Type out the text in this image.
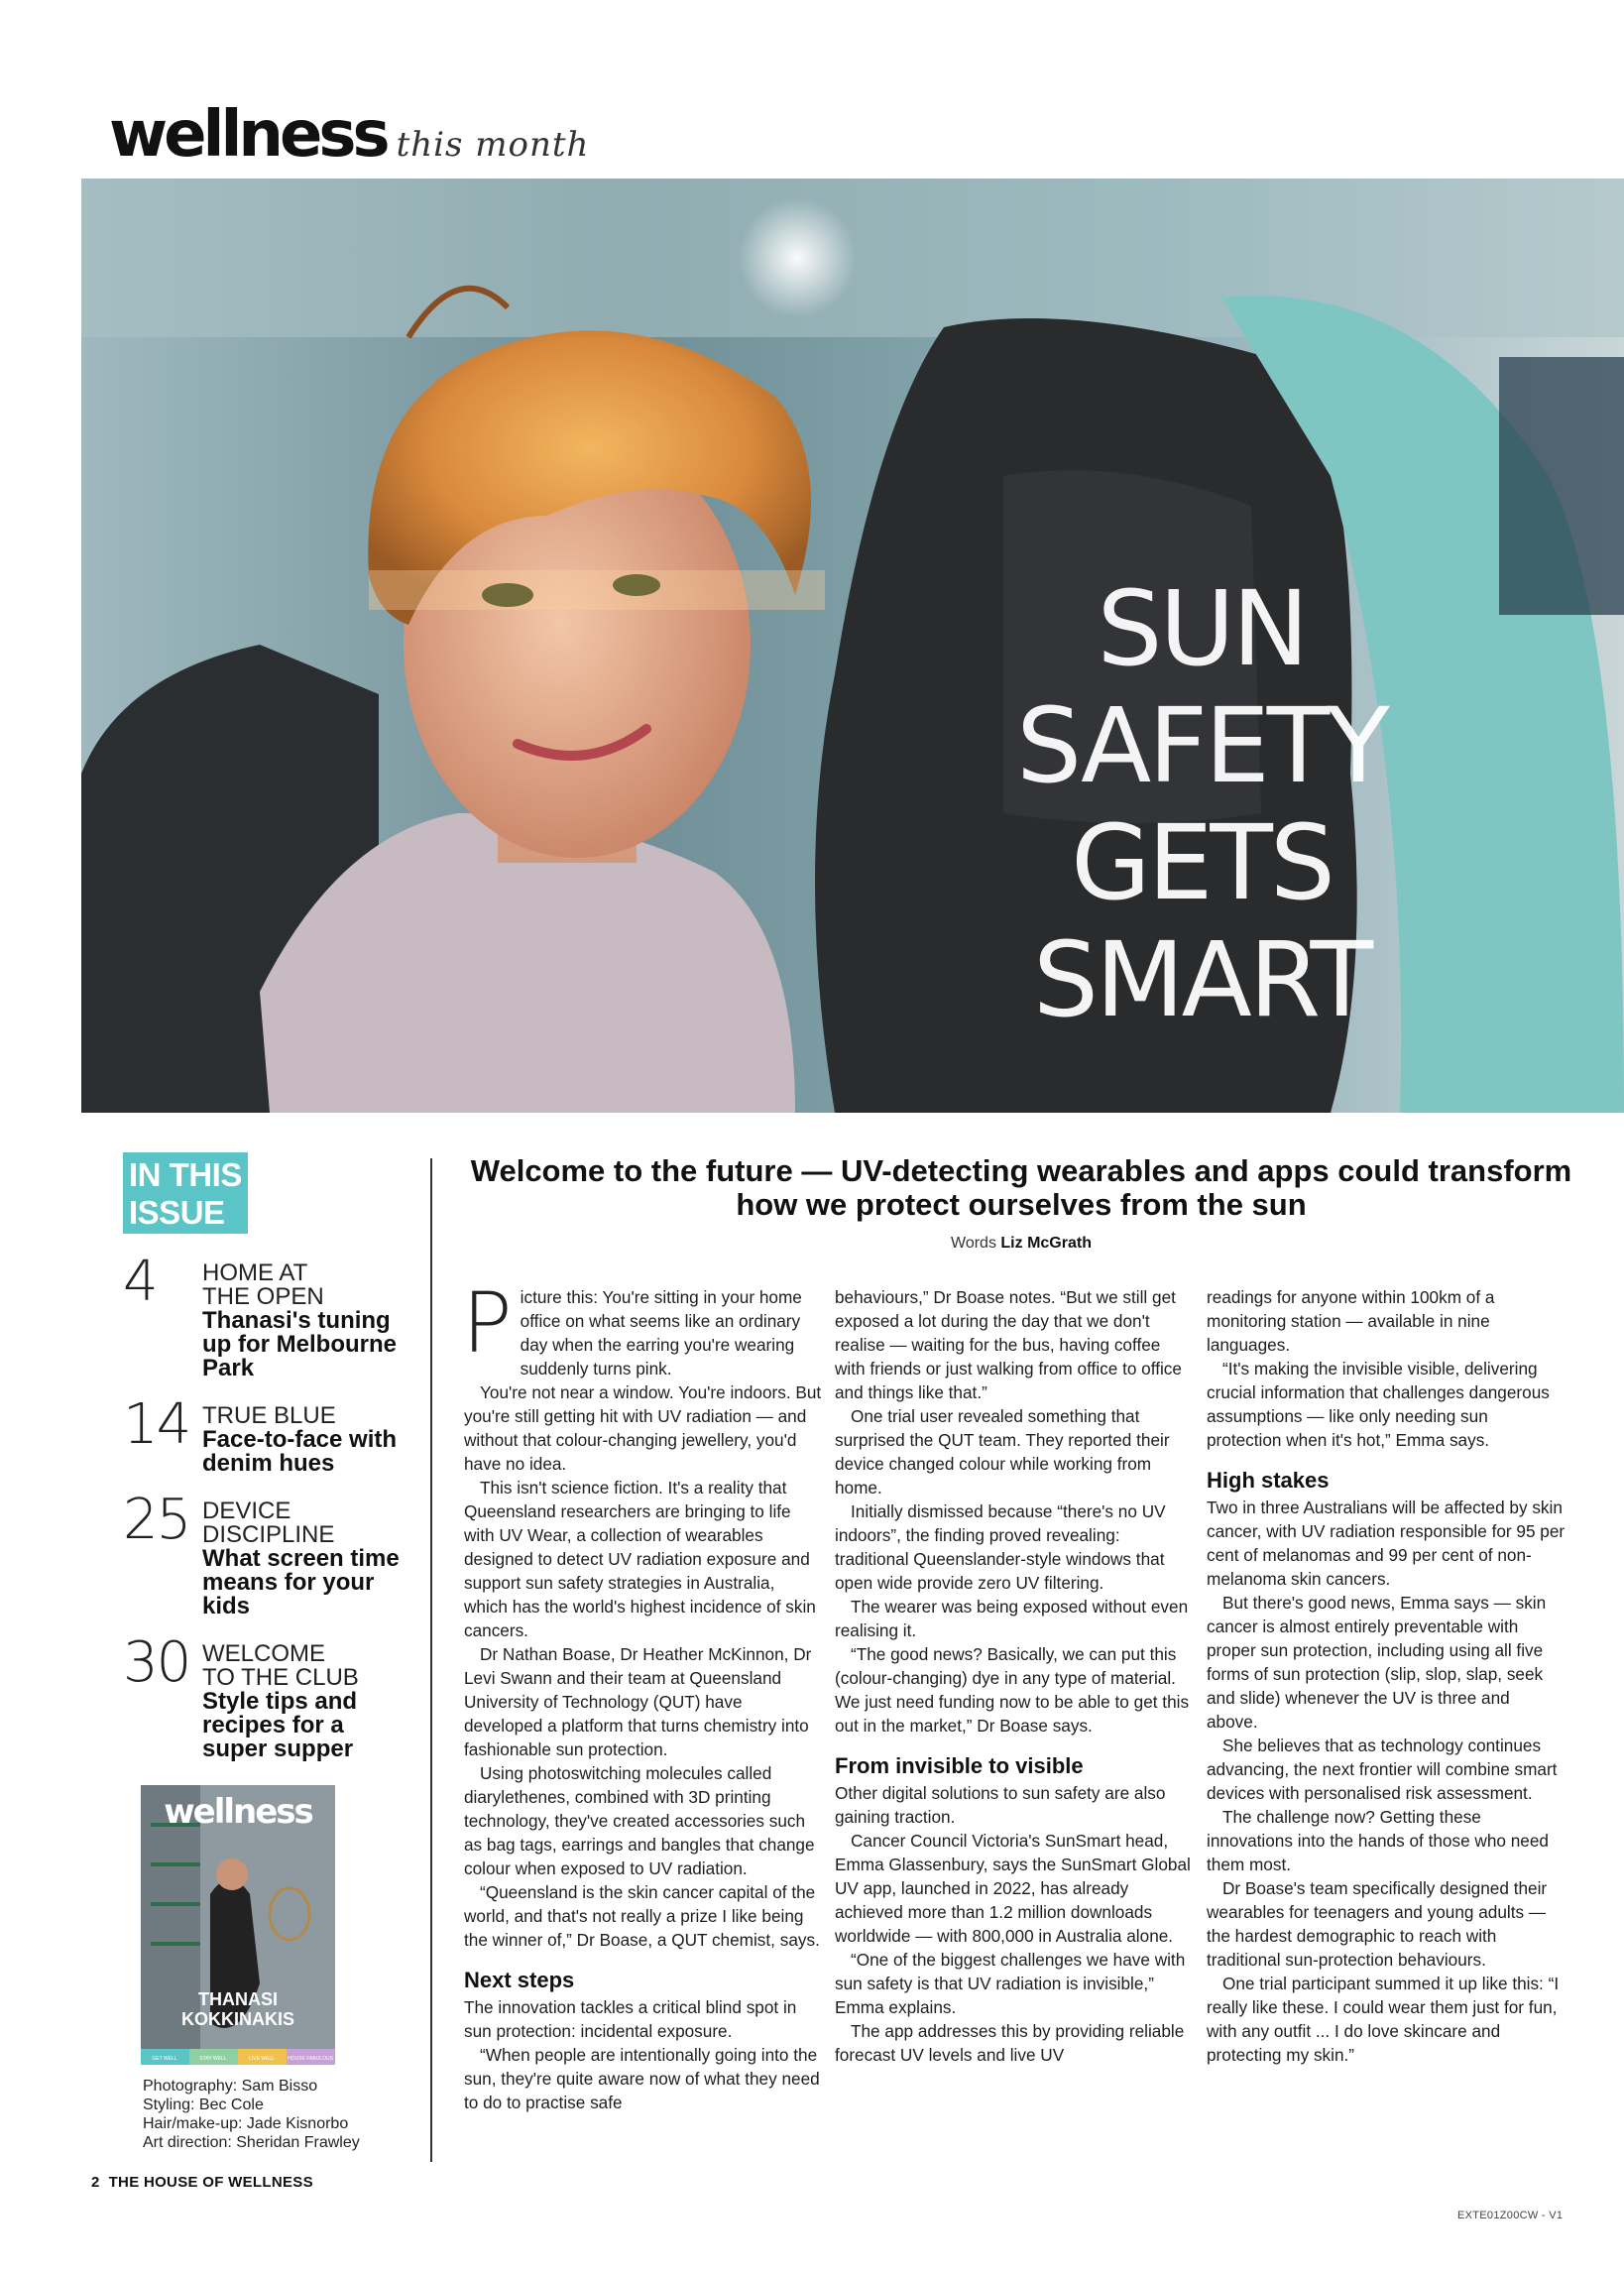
wellness this month
SUN
SAFETY
GETS
SMART
IN THIS
ISSUE
4	HOME AT
THE OPEN
Thanasi's tuning up for Melbourne Park
14 TRUE BLUE
Face-to-face with denim hues
25 DEVICE
DISCIPLINE
What screen time means for your kids
30 WELCOME
TO THE CLUB
Style tips and recipes for a super supper
wellness
THANASI
KOKKINAKIS
GET WELL	STAY WELL	LIVE WELL	HOUSE FABULOUS
Photography: Sam Bisso
Styling: Bec Cole
Hair/make-up: Jade Kisnorbo
Art direction: Sheridan Frawley
Welcome to the future — UV-detecting wearables and apps could transform how we protect ourselves from the sun
Words Liz McGrath

Picture this: You're sitting in your home office on what seems like an ordinary day when the earring you're wearing suddenly turns pink.

You're not near a window. You're indoors. But you're still getting hit with UV radiation — and without that colour-changing jewellery, you'd have no idea.

This isn't science fiction. It's a reality that Queensland researchers are bringing to life with UV Wear, a collection of wearables designed to detect UV radiation exposure and support sun safety strategies in Australia, which has the world's highest incidence of skin cancers.

Dr Nathan Boase, Dr Heather McKinnon, Dr Levi Swann and their team at Queensland University of Technology (QUT) have developed a platform that turns chemistry into fashionable sun protection.

Using photoswitching molecules called diarylethenes, combined with 3D printing technology, they've created accessories such as bag tags, earrings and bangles that change colour when exposed to UV radiation.

“Queensland is the skin cancer capital of the world, and that's not really a prize I like being the winner of,” Dr Boase, a QUT chemist, says.

Next steps

The innovation tackles a critical blind spot in sun protection: incidental exposure.

“When people are intentionally going into the sun, they're quite aware now of what they need to do to practise safe

behaviours,” Dr Boase notes. “But we still get exposed a lot during the day that we don't realise — waiting for the bus, having coffee with friends or just walking from office to office and things like that.”

One trial user revealed something that surprised the QUT team. They reported their device changed colour while working from home.

Initially dismissed because “there's no UV indoors”, the finding proved revealing: traditional Queenslander-style windows that open wide provide zero UV filtering.

The wearer was being exposed without even realising it.

“The good news? Basically, we can put this (colour-changing) dye in any type of material. We just need funding now to be able to get this out in the market,” Dr Boase says.

From invisible to visible

Other digital solutions to sun safety are also gaining traction.

Cancer Council Victoria's SunSmart head, Emma Glassenbury, says the SunSmart Global UV app, launched in 2022, has already achieved more than 1.2 million downloads worldwide — with 800,000 in Australia alone.

“One of the biggest challenges we have with sun safety is that UV radiation is invisible,” Emma explains.

The app addresses this by providing reliable forecast UV levels and live UV

readings for anyone within 100km of a monitoring station — available in nine languages.

“It's making the invisible visible, delivering crucial information that challenges dangerous assumptions — like only needing sun protection when it's hot,” Emma says.

High stakes

Two in three Australians will be affected by skin cancer, with UV radiation responsible for 95 per cent of melanomas and 99 per cent of non-melanoma skin cancers.

But there's good news, Emma says — skin cancer is almost entirely preventable with proper sun protection, including using all five forms of sun protection (slip, slop, slap, seek and slide) whenever the UV is three and above.

She believes that as technology continues advancing, the next frontier will combine smart devices with personalised risk assessment.

The challenge now? Getting these innovations into the hands of those who need them most.

Dr Boase's team specifically designed their wearables for teenagers and young adults — the hardest demographic to reach with traditional sun-protection behaviours.

One trial participant summed it up like this: “I really like these. I could wear them just for fun, with any outfit ... I do love skincare and protecting my skin.”

2 THE HOUSE OF WELLNESS
EXTE01Z00CW - V1
